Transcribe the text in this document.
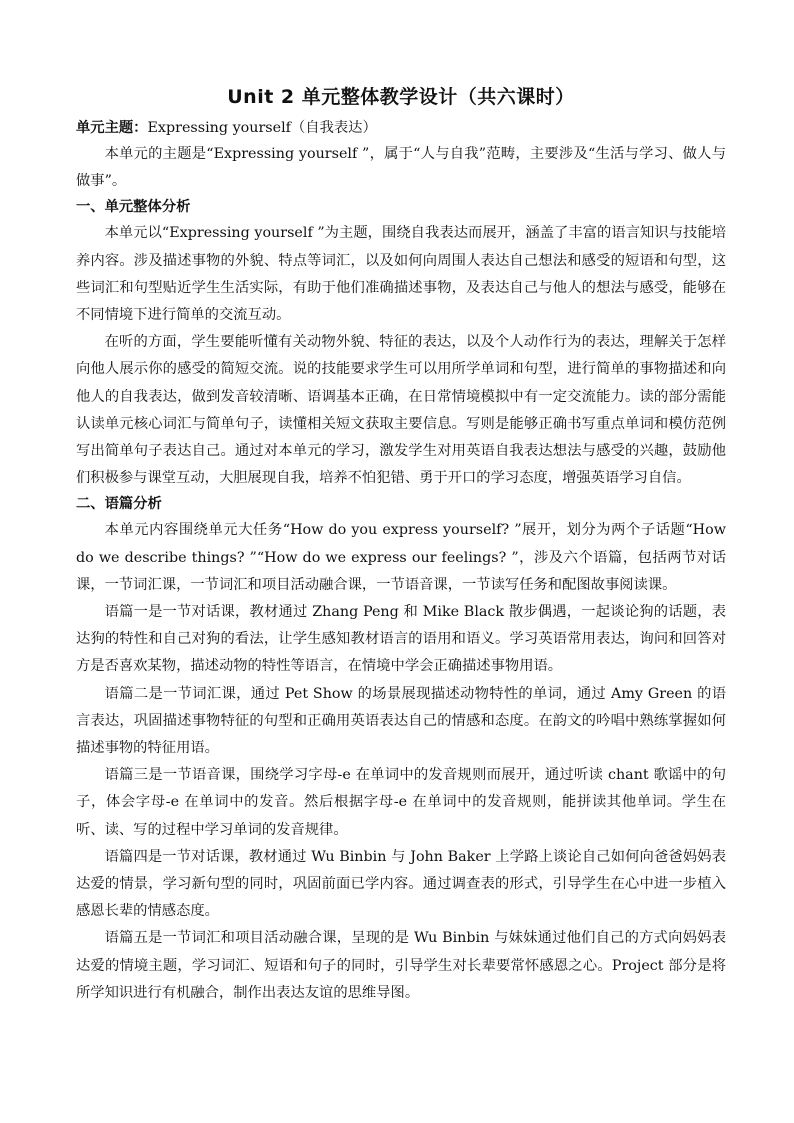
Unit 2 单元整体教学设计（共六课时）

单元主题：Expressing yourself（自我表达）

本单元的主题是“Expressing yourself ”，属于“人与自我”范畴，主要涉及“生活与学习、做人与做事”。

一、单元整体分析

本单元以“Expressing yourself ”为主题，围绕自我表达而展开，涵盖了丰富的语言知识与技能培养内容。涉及描述事物的外貌、特点等词汇，以及如何向周围人表达自己想法和感受的短语和句型，这些词汇和句型贴近学生生活实际，有助于他们准确描述事物，及表达自己与他人的想法与感受，能够在不同情境下进行简单的交流互动。

在听的方面，学生要能听懂有关动物外貌、特征的表达，以及个人动作行为的表达，理解关于怎样向他人展示你的感受的简短交流。说的技能要求学生可以用所学单词和句型，进行简单的事物描述和向他人的自我表达，做到发音较清晰、语调基本正确，在日常情境模拟中有一定交流能力。读的部分需能认读单元核心词汇与简单句子，读懂相关短文获取主要信息。写则是能够正确书写重点单词和模仿范例写出简单句子表达自己。通过对本单元的学习，激发学生对用英语自我表达想法与感受的兴趣，鼓励他们积极参与课堂互动，大胆展现自我，培养不怕犯错、勇于开口的学习态度，增强英语学习自信。

二、语篇分析

本单元内容围绕单元大任务“How do you express yourself? ”展开，划分为两个子话题“How do we describe things? ”“How do we express our feelings? ”，涉及六个语篇，包括两节对话课，一节词汇课，一节词汇和项目活动融合课，一节语音课，一节读写任务和配图故事阅读课。

语篇一是一节对话课，教材通过 Zhang Peng 和 Mike Black 散步偶遇，一起谈论狗的话题，表达狗的特性和自己对狗的看法，让学生感知教材语言的语用和语义。学习英语常用表达，询问和回答对方是否喜欢某物，描述动物的特性等语言，在情境中学会正确描述事物用语。

语篇二是一节词汇课，通过 Pet Show 的场景展现描述动物特性的单词，通过 Amy Green 的语言表达，巩固描述事物特征的句型和正确用英语表达自己的情感和态度。在韵文的吟唱中熟练掌握如何描述事物的特征用语。

语篇三是一节语音课，围绕学习字母-e 在单词中的发音规则而展开，通过听读 chant 歌谣中的句子，体会字母-e 在单词中的发音。然后根据字母-e 在单词中的发音规则，能拼读其他单词。学生在听、读、写的过程中学习单词的发音规律。

语篇四是一节对话课，教材通过 Wu Binbin 与 John Baker 上学路上谈论自己如何向爸爸妈妈表达爱的情景，学习新句型的同时，巩固前面已学内容。通过调查表的形式，引导学生在心中进一步植入感恩长辈的情感态度。

语篇五是一节词汇和项目活动融合课，呈现的是 Wu Binbin 与妹妹通过他们自己的方式向妈妈表达爱的情境主题，学习词汇、短语和句子的同时，引导学生对长辈要常怀感恩之心。Project 部分是将所学知识进行有机融合，制作出表达友谊的思维导图。
